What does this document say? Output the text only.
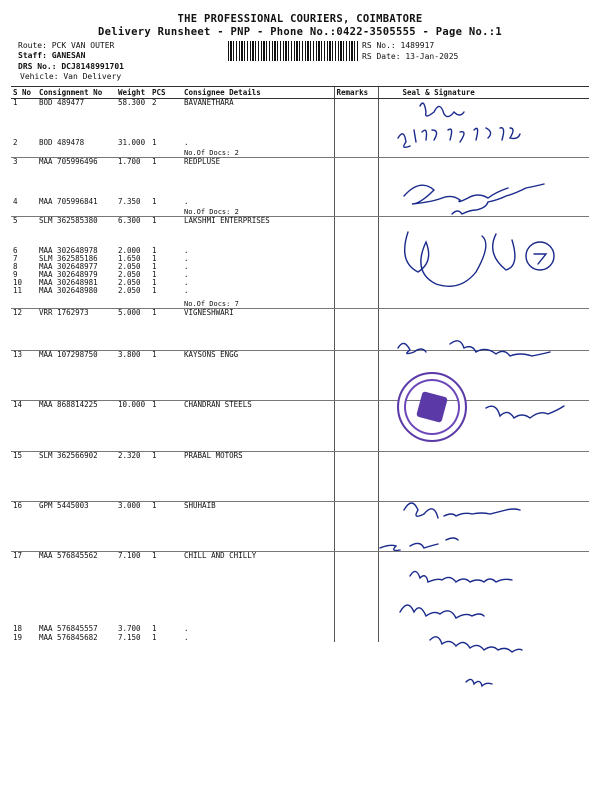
THE PROFESSIONAL COURIERS, COIMBATORE
Delivery Runsheet - PNP - Phone No.:0422-3505555 - Page No.:1
Route: PCK VAN OUTER
Staff: GANESAN
DRS No.: DCJ8148991701
Vehicle: Van Delivery
RS No.: 1489917
RS Date: 13-Jan-2025
S No	Consignment No	Weight	PCS	Consignee Details	Remarks	Seal & Signature
1	BOD 489477	58.300	2	BAVANETHARA		
2	BOD 489478	31.000	1	.		
				No.Of Docs: 2		
3	MAA 705996496	1.700	1	REDPLUSE		
4	MAA 705996841	7.350	1	.		
				No.Of Docs: 2		
5	SLM 362585380	6.300	1	LAKSHMI ENTERPRISES		
6	MAA 302648978	2.000	1	.		
7	SLM 362585186	1.650	1	.		
8	MAA 302648977	2.050	1	.		
9	MAA 302648979	2.050	1	.		
10	MAA 302648981	2.050	1	.		
11	MAA 302648980	2.050	1	.		
				No.Of Docs: 7		
12	VRR 1762973	5.000	1	VIGNESHWARI		
13	MAA 107298750	3.800	1	KAYSONS ENGG		
14	MAA 868814225	10.000	1	CHANDRAN STEELS		
15	SLM 362566902	2.320	1	PRABAL MOTORS		
16	GPM 5445003	3.000	1	SHUHAIB		
17	MAA 576845562	7.100	1	CHILL AND CHILLY		
18	MAA 576845557	3.700	1	.		
19	MAA 576845682	7.150	1	.		
